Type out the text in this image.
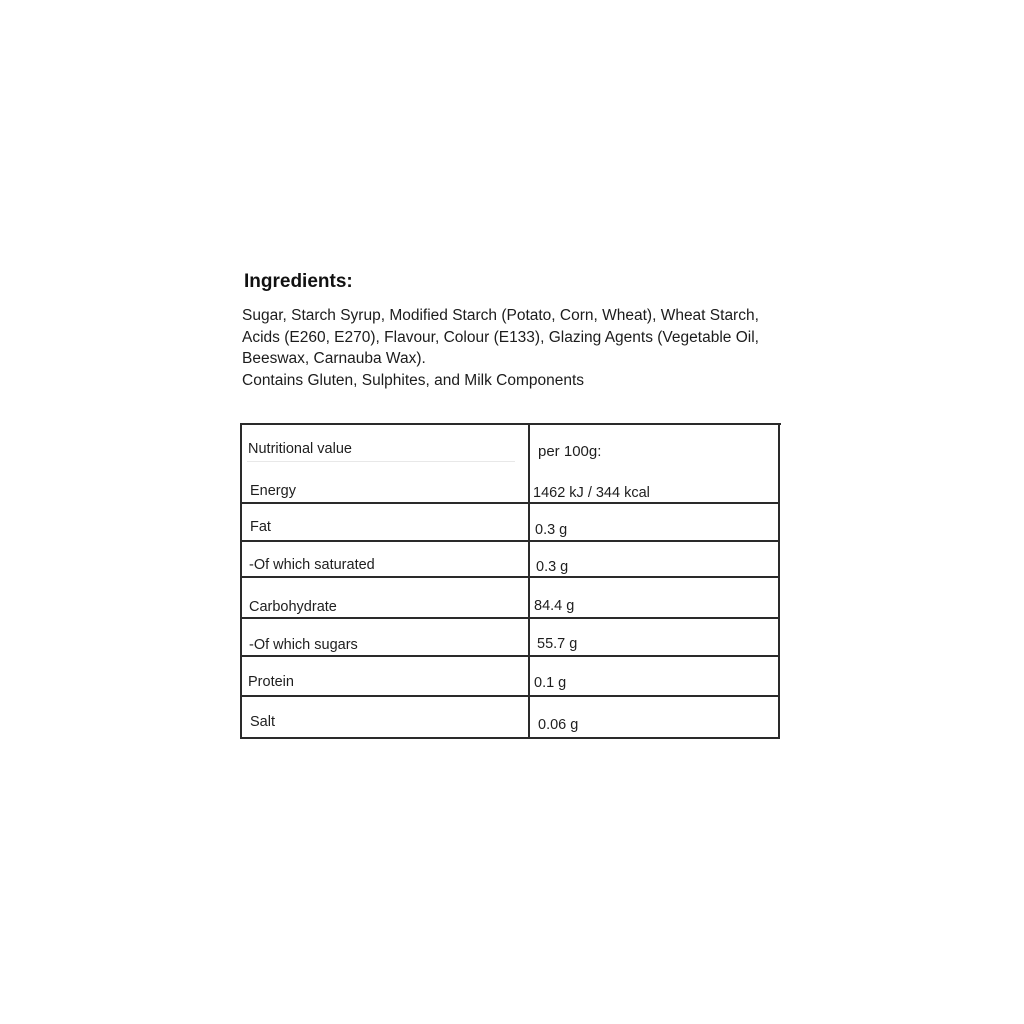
Ingredients:

Sugar, Starch Syrup, Modified Starch (Potato, Corn, Wheat), Wheat Starch,
Acids (E260, E270), Flavour, Colour (E133), Glazing Agents (Vegetable Oil,
Beeswax, Carnauba Wax).
Contains Gluten, Sulphites, and Milk Components

Nutritional value	per 100g:
Energy	1462 kJ / 344 kcal
Fat	0.3 g
-Of which saturated	0.3 g
Carbohydrate	84.4 g
-Of which sugars	55.7 g
Protein	0.1 g
Salt	0.06 g
